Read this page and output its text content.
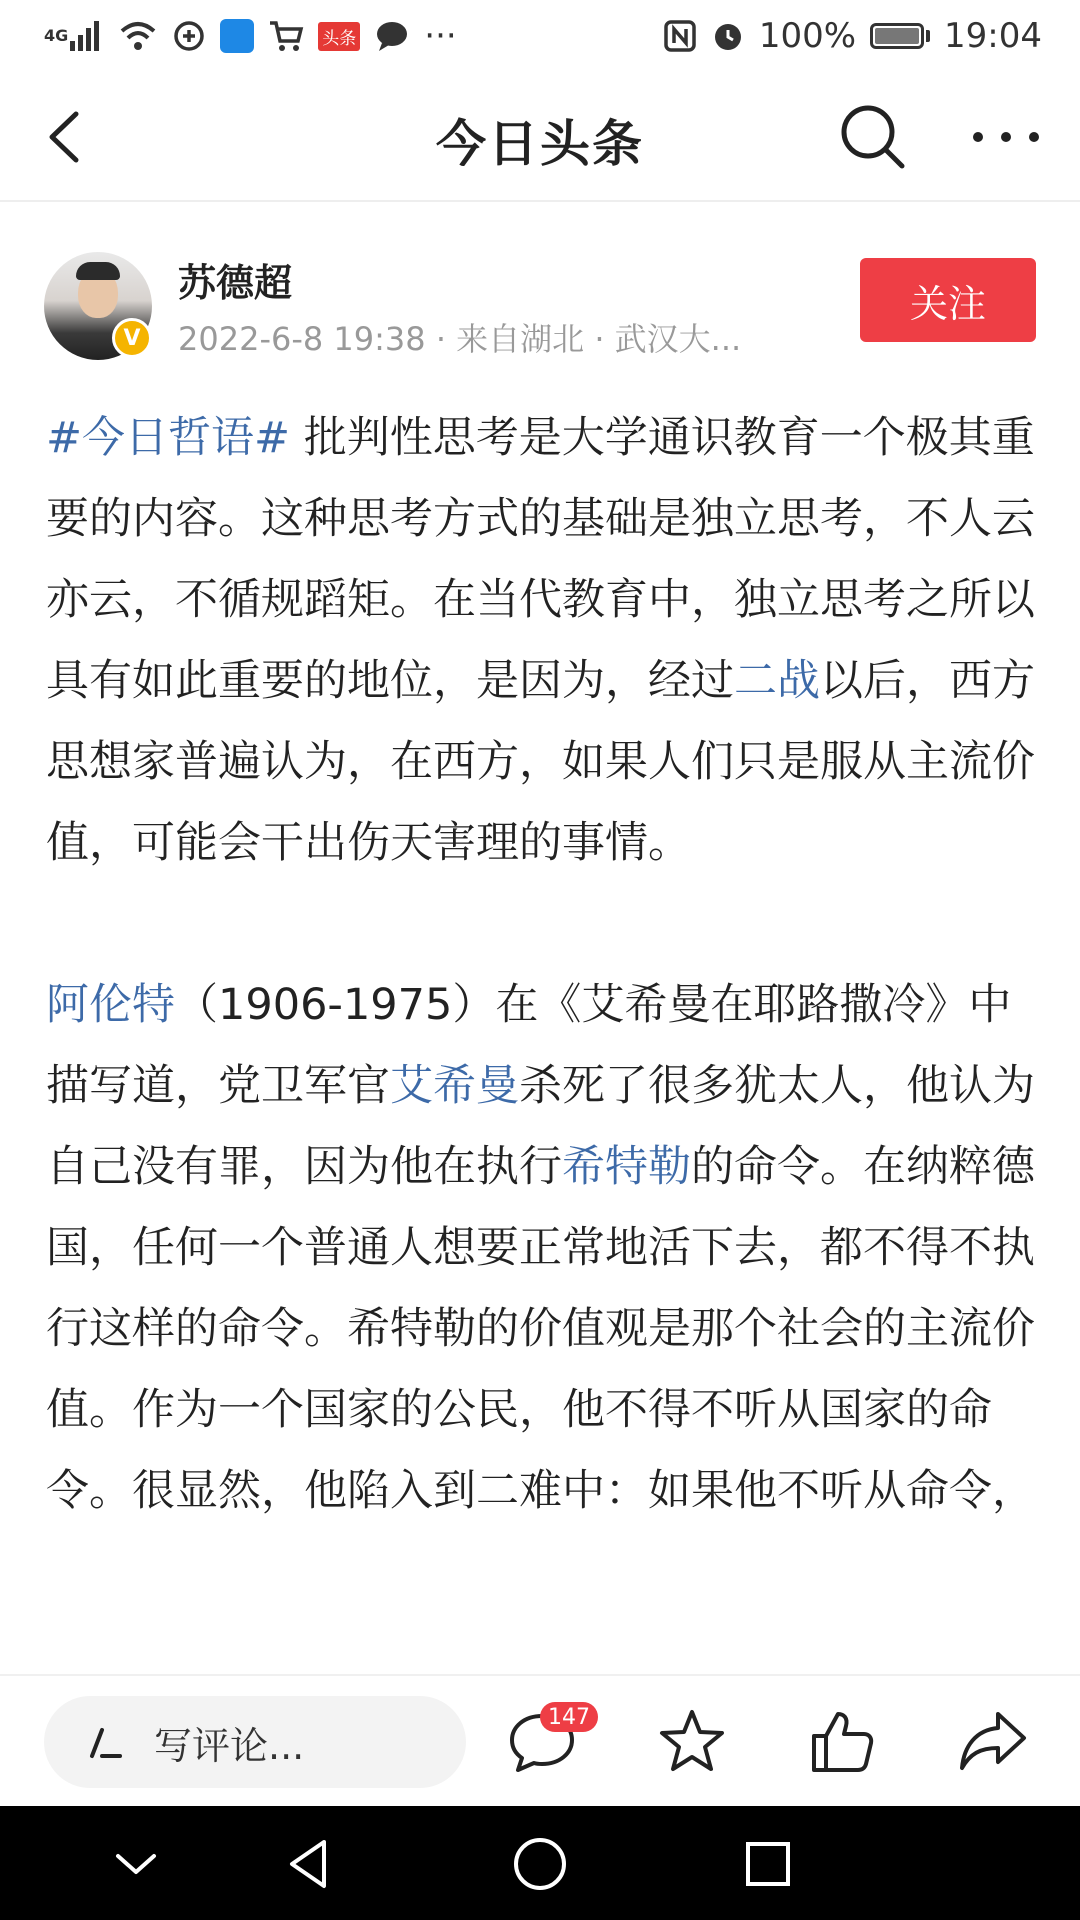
4G	头条 ···	100%	19:04
今日头条
V
苏德超
2022-6-8 19:38 · 来自湖北 · 武汉大...
关注

#今日哲语# 批判性思考是大学通识教育一个极其重要的内容。这种思考方式的基础是独立思考，不人云亦云，不循规蹈矩。在当代教育中，独立思考之所以具有如此重要的地位，是因为，经过二战以后，西方思想家普遍认为，在西方，如果人们只是服从主流价值，可能会干出伤天害理的事情。

阿伦特（1906-1975）在《艾希曼在耶路撒冷》中描写道，党卫军官艾希曼杀死了很多犹太人，他认为自己没有罪，因为他在执行希特勒的命令。在纳粹德国，任何一个普通人想要正常地活下去，都不得不执行这样的命令。希特勒的价值观是那个社会的主流价值。作为一个国家的公民，他不得不听从国家的命令。很显然，他陷入到二难中：如果他不听从命令，

写评论...
147
